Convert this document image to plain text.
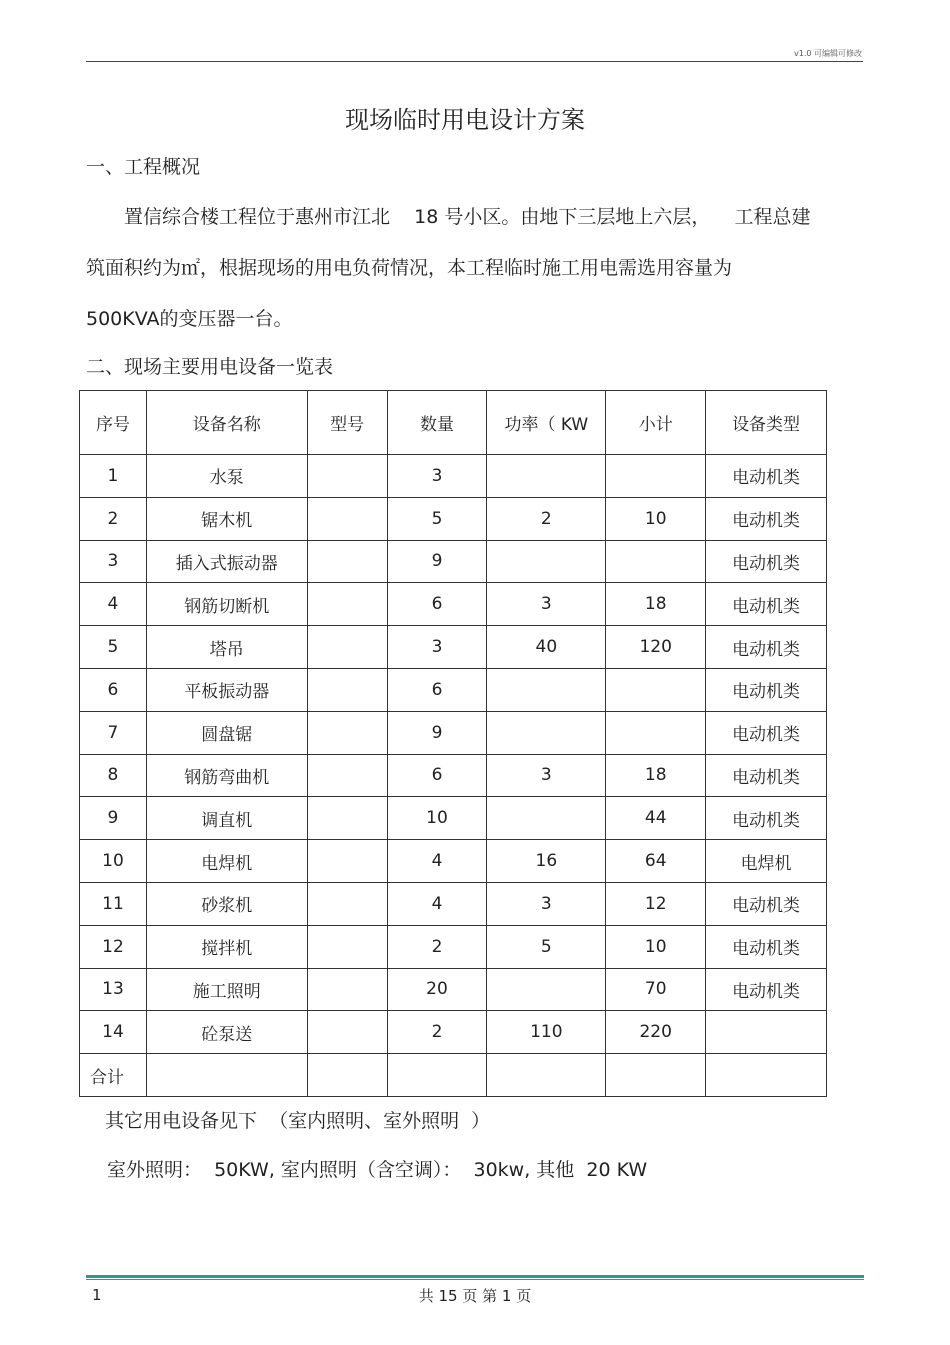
v1.0 可编辑可修改
现场临时用电设计方案
一、工程概况
置信综合楼工程位于惠州市江北    18 号小区。由地下三层地上六层，    工程总建
筑面积约为㎡，根据现场的用电负荷情况，本工程临时施工用电需选用容量为
500KVA的变压器一台。
二、现场主要用电设备一览表
序号	设备名称	型号	数量	功率（ KW	小计	设备类型
1	水泵		3			电动机类
2	锯木机		5	2	10	电动机类
3	插入式振动器		9			电动机类
4	钢筋切断机		6	3	18	电动机类
5	塔吊		3	40	120	电动机类
6	平板振动器		6			电动机类
7	圆盘锯		9			电动机类
8	钢筋弯曲机		6	3	18	电动机类
9	调直机		10		44	电动机类
10	电焊机		4	16	64	电焊机
11	砂浆机		4	3	12	电动机类
12	搅拌机		2	5	10	电动机类
13	施工照明		20		70	电动机类
14	砼泵送		2	110	220	
合计						
其它用电设备见下  （室内照明、室外照明  ）
室外照明：  50KW, 室内照明（含空调）：  30kw, 其他  20 KW
1	共 15 页 第 1 页
